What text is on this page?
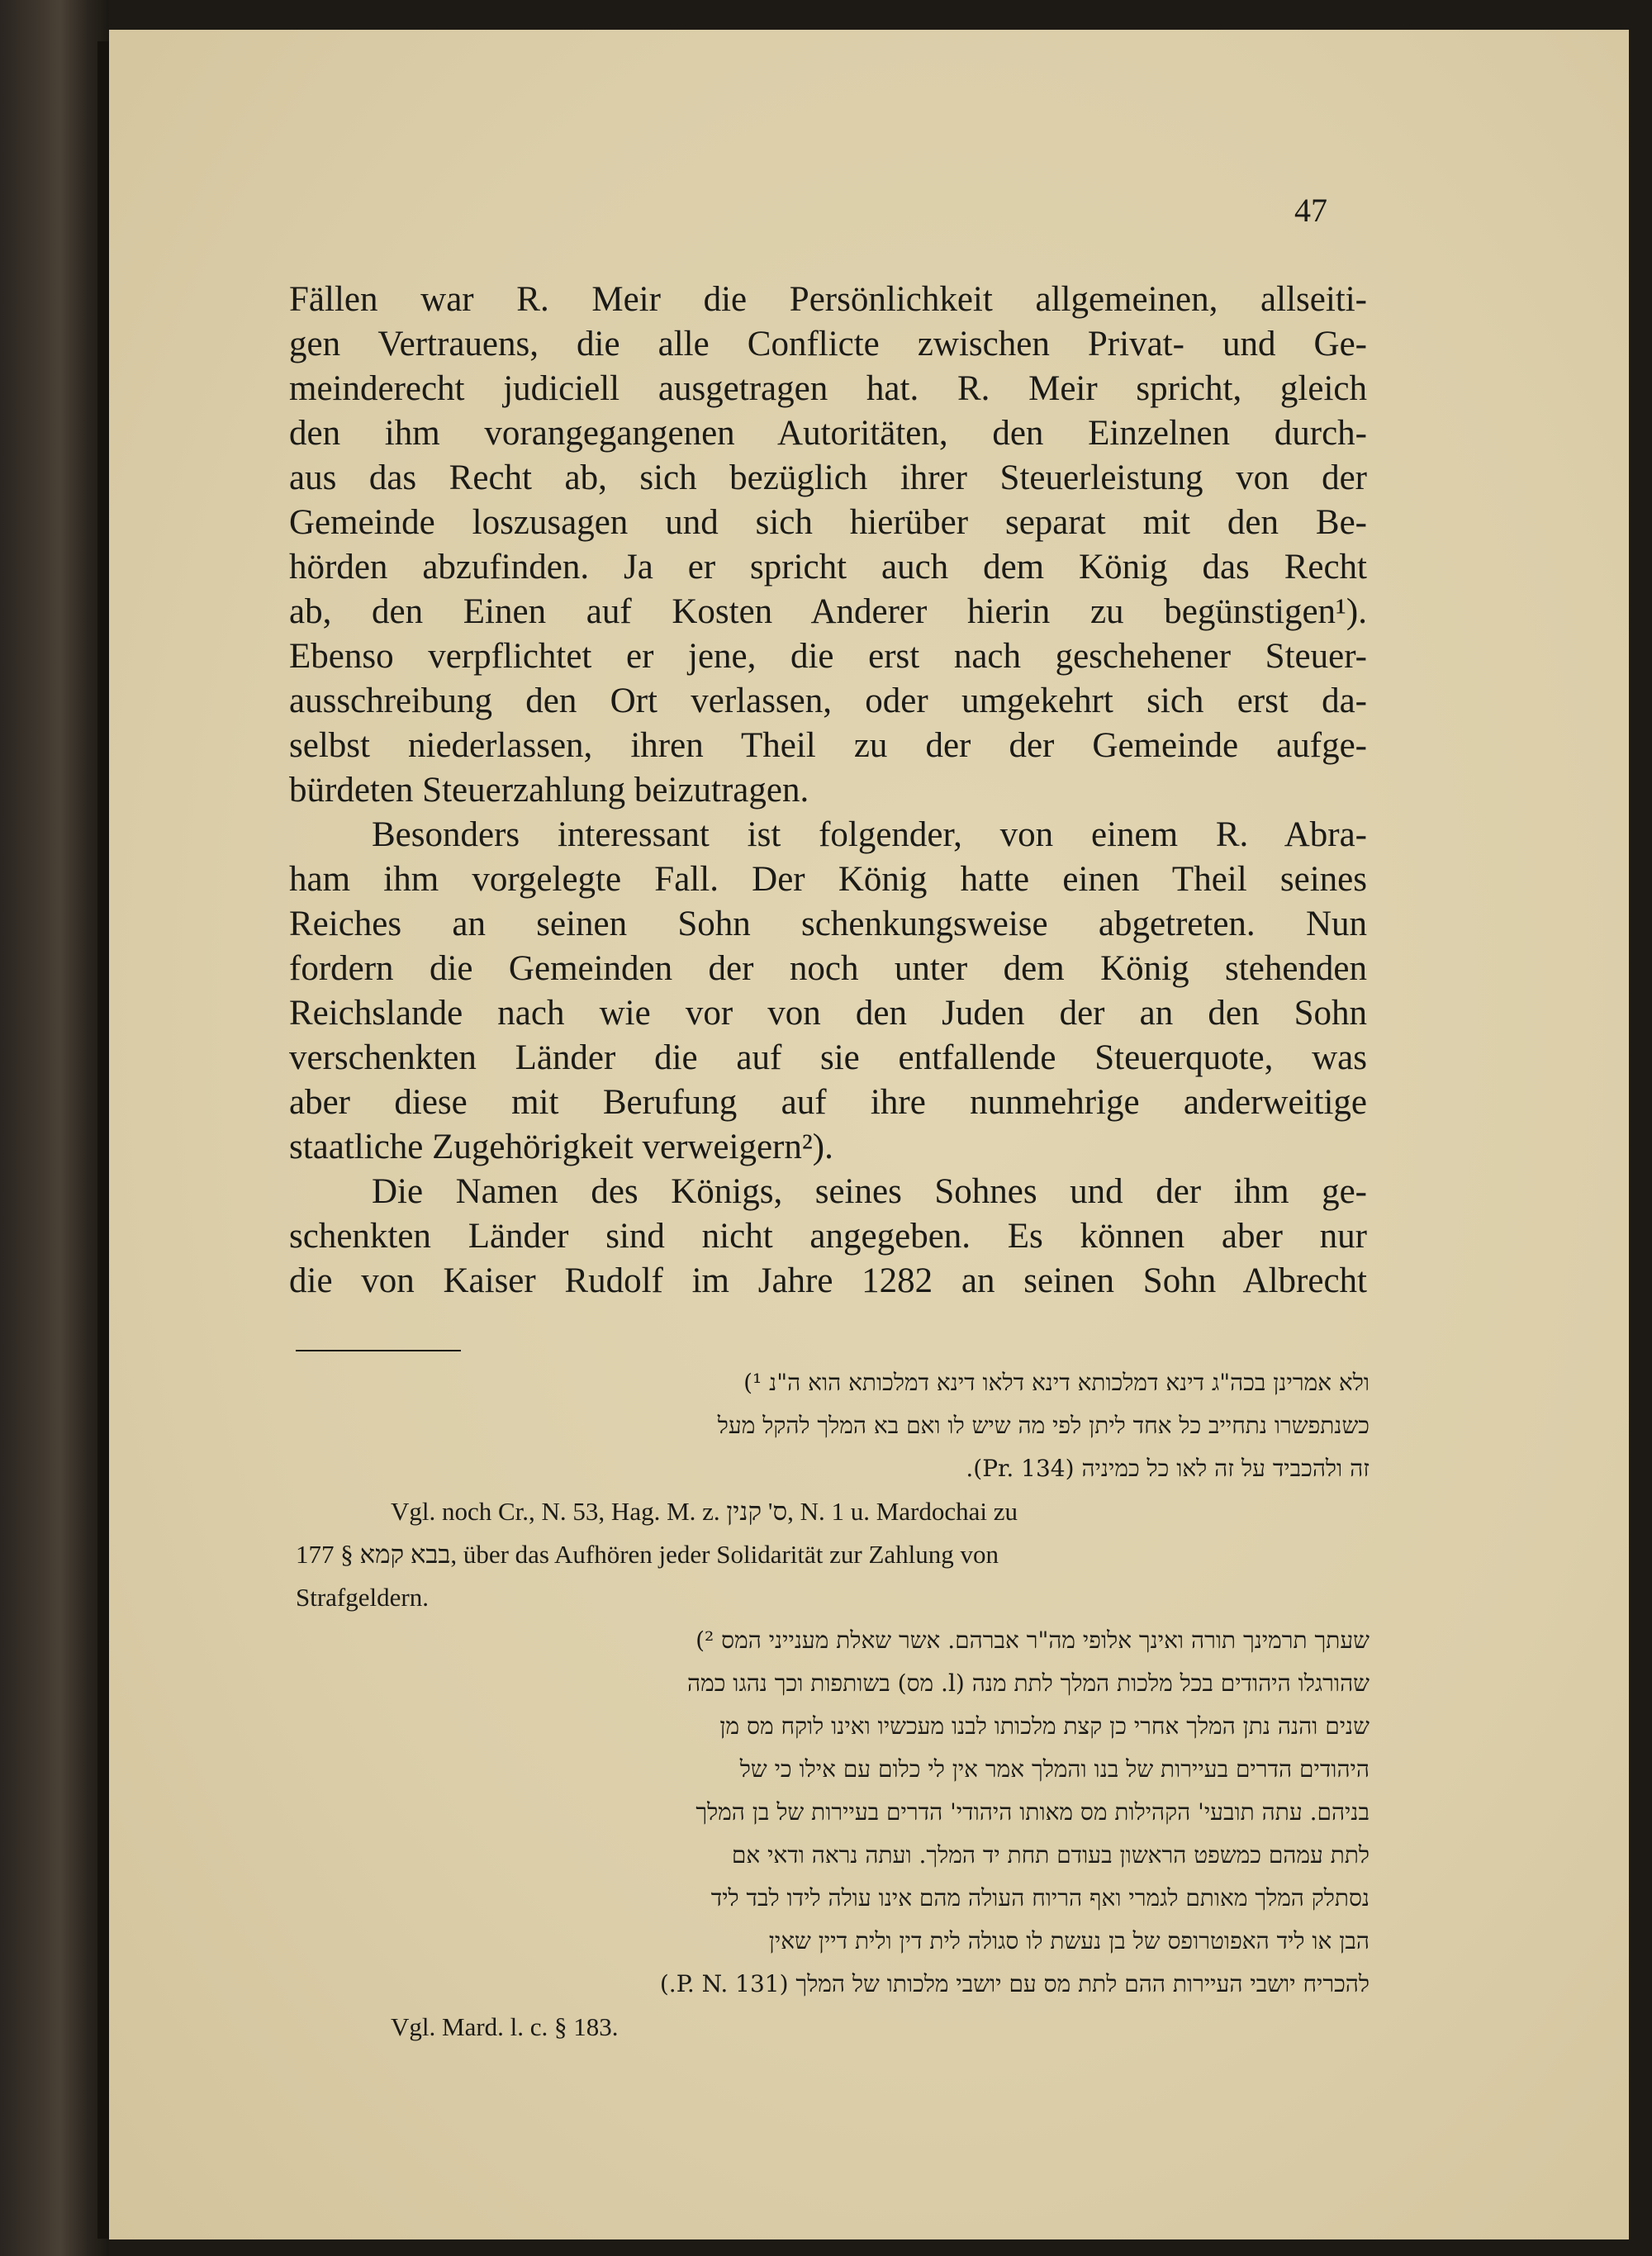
47
Fällen war R. Meir die Persönlichkeit allgemeinen, allseiti-
gen Vertrauens, die alle Conflicte zwischen Privat- und Ge-
meinderecht judiciell ausgetragen hat. R. Meir spricht, gleich
den ihm vorangegangenen Autoritäten, den Einzelnen durch-
aus das Recht ab, sich bezüglich ihrer Steuerleistung von der
Gemeinde loszusagen und sich hierüber separat mit den Be-
hörden abzufinden. Ja er spricht auch dem König das Recht
ab, den Einen auf Kosten Anderer hierin zu begünstigen¹).
Ebenso verpflichtet er jene, die erst nach geschehener Steuer-
ausschreibung den Ort verlassen, oder umgekehrt sich erst da-
selbst niederlassen, ihren Theil zu der der Gemeinde aufge-
bürdeten Steuerzahlung beizutragen.
Besonders interessant ist folgender, von einem R. Abra-
ham ihm vorgelegte Fall. Der König hatte einen Theil seines
Reiches an seinen Sohn schenkungsweise abgetreten. Nun
fordern die Gemeinden der noch unter dem König stehenden
Reichslande nach wie vor von den Juden der an den Sohn
verschenkten Länder die auf sie entfallende Steuerquote, was
aber diese mit Berufung auf ihre nunmehrige anderweitige
staatliche Zugehörigkeit verweigern²).
Die Namen des Königs, seines Sohnes und der ihm ge-
schenkten Länder sind nicht angegeben. Es können aber nur
die von Kaiser Rudolf im Jahre 1282 an seinen Sohn Albrecht
ולא אמרינן בכה"ג דינא דמלכותא דינא דלאו דינא דמלכותא הוא ה"נ ¹)
כשנתפשרו נתחייב כל אחד ליתן לפי מה שיש לו ואם בא המלך להקל מעל
זה ולהכביד על זה לאו כל כמיניה (Pr. 134).
Vgl. noch Cr., N. 53, Hag. M. z. ס' קנין, N. 1 u. Mardochai zu
בבא קמא § 177, über das Aufhören jeder Solidarität zur Zahlung von
Strafgeldern.
שעתך תרמינך תורה ואינך אלופי מה"ר אברהם. אשר שאלת מענייני המס ²)
שהורגלו היהודים בכל מלכות המלך לתת מנה (l. מס) בשותפות וכך נהגו כמה
שנים והנה נתן המלך אחרי כן קצת מלכותו לבנו מעכשיו ואינו לוקח מס מן
היהודים הדרים בעיירות של בנו והמלך אמר אין לי כלום עם אילו כי של
בניהם. עתה תובעי' הקהילות מס מאותו היהודי' הדרים בעיירות של בן המלך
לתת עמהם כמשפט הראשון בעודם תחת יד המלך. ועתה נראה ודאי אם
נסתלק המלך מאותם לגמרי ואף הריוח העולה מהם אינו עולה לידו לבד ליד
הבן או ליד האפוטרופס של בן נעשת לו סגולה לית דין ולית דיין שאין
להכריח יושבי העיירות ההם לתת מס עם יושבי מלכותו של המלך (P. N. 131.)
Vgl. Mard. l. c. § 183.
